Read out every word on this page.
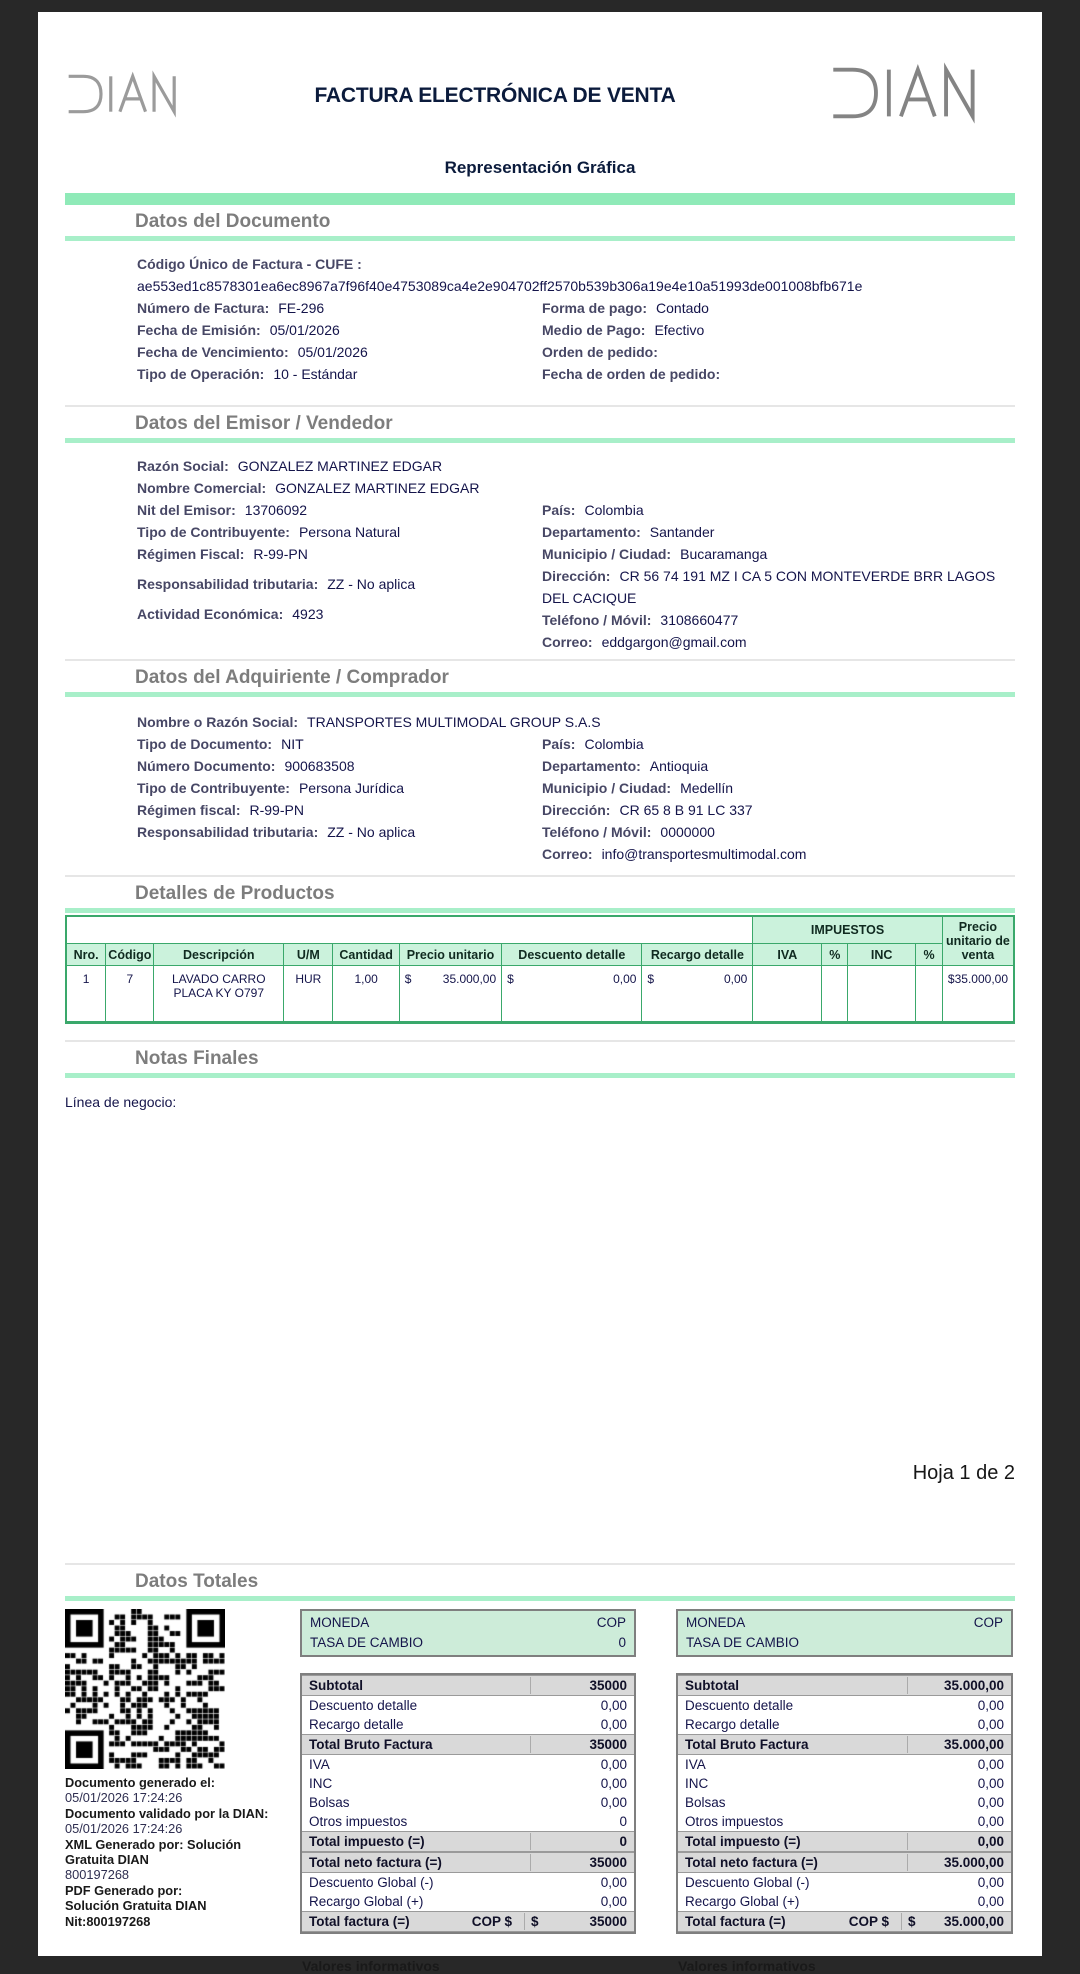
FACTURA ELECTRÓNICA DE VENTA
Representación Gráfica
Datos del Documento
Código Único de Factura - CUFE :
ae553ed1c8578301ea6ec8967a7f96f40e4753089ca4e2e904702ff2570b539b306a19e4e10a51993de001008bfb671e
Número de Factura: FE-296
Fecha de Emisión: 05/01/2026
Fecha de Vencimiento: 05/01/2026
Tipo de Operación: 10 - Estándar
Forma de pago: Contado
Medio de Pago: Efectivo
Orden de pedido:
Fecha de orden de pedido:
Datos del Emisor / Vendedor
Razón Social: GONZALEZ MARTINEZ EDGAR
Nombre Comercial: GONZALEZ MARTINEZ EDGAR
Nit del Emisor: 13706092
Tipo de Contribuyente: Persona Natural
Régimen Fiscal: R-99-PN
Responsabilidad tributaria: ZZ - No aplica
Actividad Económica: 4923
País: Colombia
Departamento: Santander
Municipio / Ciudad: Bucaramanga
Dirección: CR 56 74 191 MZ I CA 5 CON MONTEVERDE BRR LAGOS DEL CACIQUE
Teléfono / Móvil: 3108660477
Correo: eddgargon@gmail.com
Datos del Adquiriente / Comprador
Nombre o Razón Social: TRANSPORTES MULTIMODAL GROUP S.A.S
Tipo de Documento: NIT
Número Documento: 900683508
Tipo de Contribuyente: Persona Jurídica
Régimen fiscal: R-99-PN
Responsabilidad tributaria: ZZ - No aplica
País: Colombia
Departamento: Antioquia
Municipio / Ciudad: Medellín
Dirección: CR 65 8 B 91 LC 337
Teléfono / Móvil: 0000000
Correo: info@transportesmultimodal.com
Detalles de Productos
								IMPUESTOS				Precio unitario de venta
Nro.	Código	Descripción	U/M	Cantidad	Precio unitario	Descuento detalle	Recargo detalle	IVA	%	INC	%	
1	7	LAVADO CARRO PLACA KY O797	HUR	1,00	$ 35.000,00	$ 0,00	$ 0,00					$ 35.000,00
Notas Finales
Línea de negocio:
Hoja 1 de 2
Datos Totales

Documento generado el:

05/01/2026 17:24:26

Documento validado por la DIAN:

05/01/2026 17:24:26

XML Generado por: Solución Gratuita DIAN

800197268

PDF Generado por:

Solución Gratuita DIAN

Nit:800197268

MONEDA	COP
TASA DE CAMBIO	0
Subtotal	35000
Descuento detalle	0,00
Recargo detalle	0,00
Total Bruto Factura	35000
IVA	0,00
INC	0,00
Bolsas	0,00
Otros impuestos	0
Total impuesto (=)	0
Total neto factura (=)	35000
Descuento Global (-)	0,00
Recargo Global (+)	0,00
Total factura (=)	COP $	$	35000
Valores informativos
MONEDA	COP
TASA DE CAMBIO
Subtotal	35.000,00
Descuento detalle	0,00
Recargo detalle	0,00
Total Bruto Factura	35.000,00
IVA	0,00
INC	0,00
Bolsas	0,00
Otros impuestos	0,00
Total impuesto (=)	0,00
Total neto factura (=)	35.000,00
Descuento Global (-)	0,00
Recargo Global (+)	0,00
Total factura (=)	COP $	$ 35.000,00
Valores informativos
